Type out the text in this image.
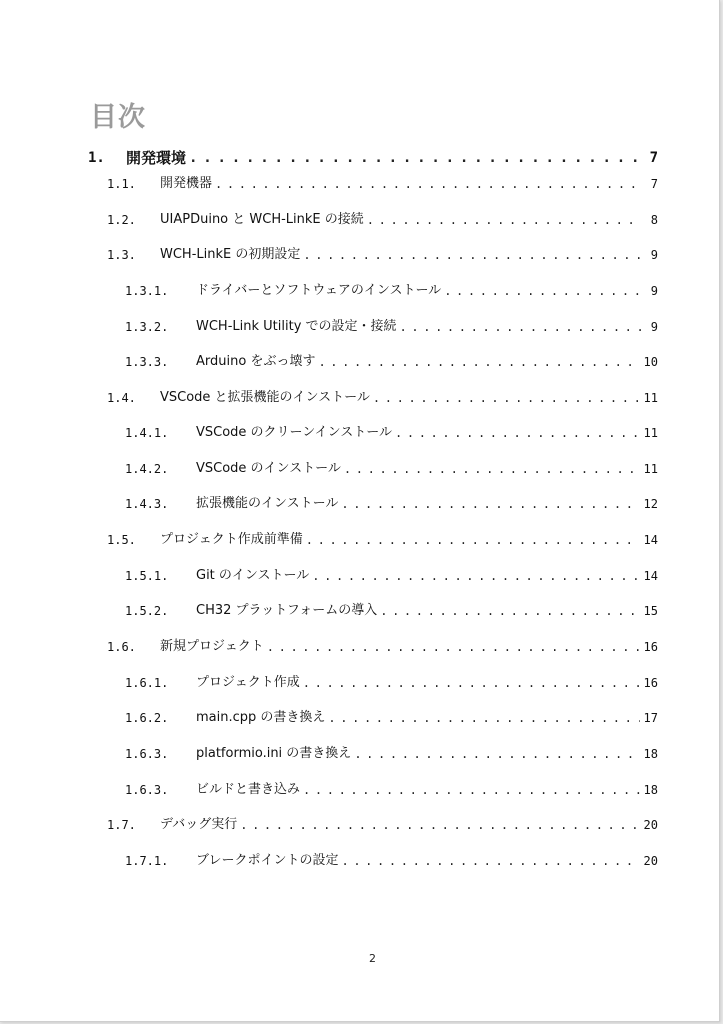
目次
1.	開発環境 . . .	7
1.1.	開発機器 . . .	7
1.2.	UIAPDuino と WCH-LinkE の接続 . . .	8
1.3.	WCH-LinkE の初期設定 . . .	9
1.3.1.	ドライバーとソフトウェアのインストール . . .	9
1.3.2.	WCH-Link Utility での設定・接続 . . .	9
1.3.3.	Arduino をぶっ壊す . . .	10
1.4.	VSCode と拡張機能のインストール . . .	11
1.4.1.	VSCode のクリーンインストール . . .	11
1.4.2.	VSCode のインストール . . .	11
1.4.3.	拡張機能のインストール . . .	12
1.5.	プロジェクト作成前準備 . . .	14
1.5.1.	Git のインストール . . .	14
1.5.2.	CH32 プラットフォームの導入 . . .	15
1.6.	新規プロジェクト . . .	16
1.6.1.	プロジェクト作成 . . .	16
1.6.2.	main.cpp の書き換え . . .	17
1.6.3.	platformio.ini の書き換え . . .	18
1.6.3.	ビルドと書き込み . . .	18
1.7.	デバッグ実行 . . .	20
1.7.1.	ブレークポイントの設定 . . .	20
2
